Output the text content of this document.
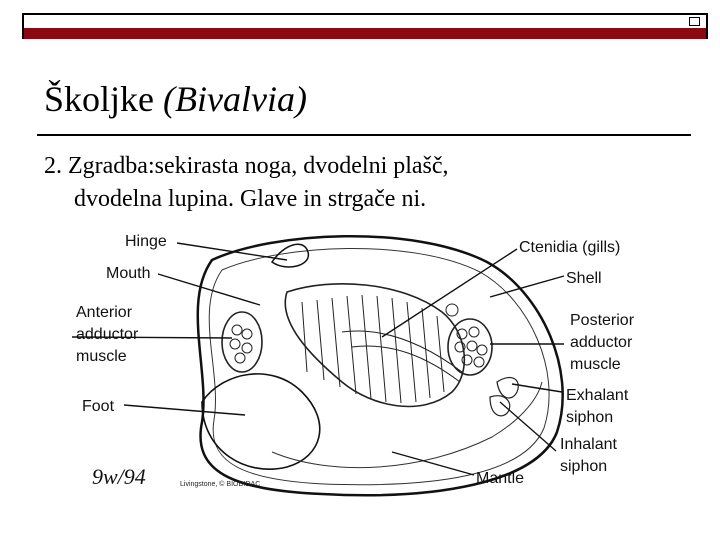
Školjke (Bivalvia)
2. Zgradba:sekirasta noga, dvodelni plašč,
dvodelna lupina. Glave in strgače ni.
Hinge
Mouth
Anterior
adductor
muscle
Foot
Ctenidia (gills)
Shell
Posterior
adductor
muscle
Exhalant
siphon
Inhalant
siphon
Mantle
Livingstone, © BIODIDAC
9w/94
